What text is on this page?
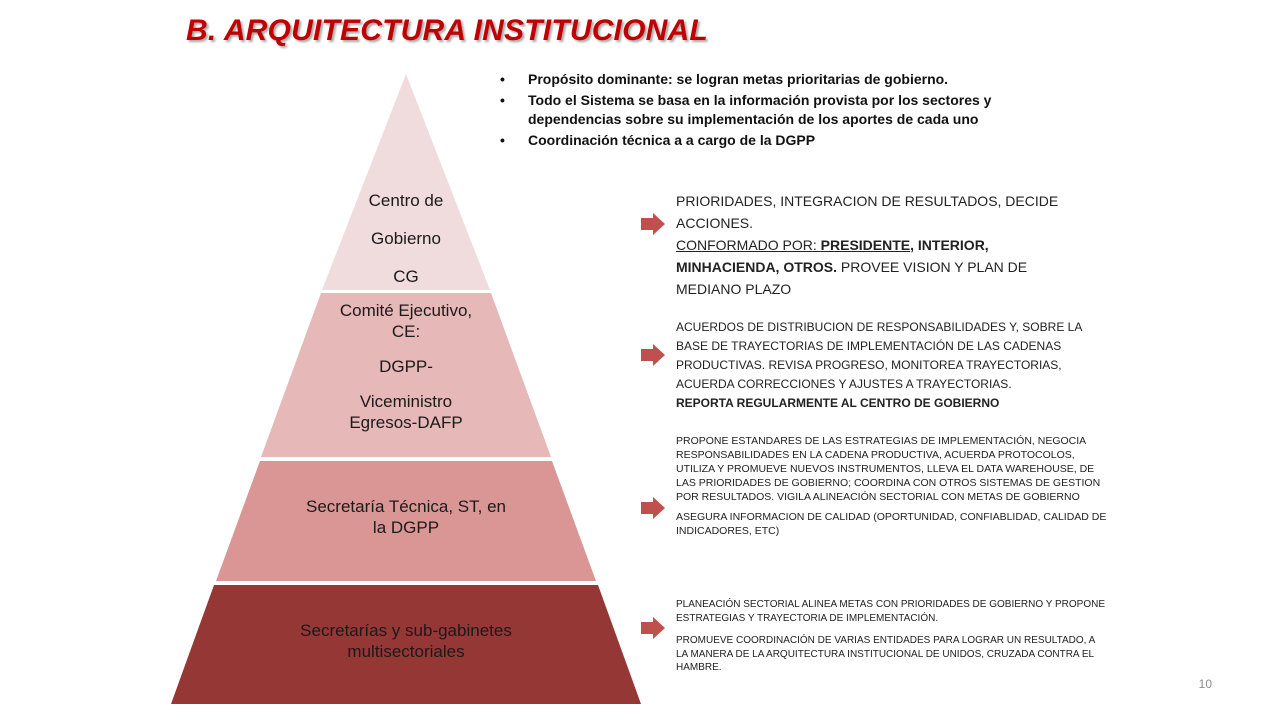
B. ARQUITECTURA INSTITUCIONAL
• Propósito dominante: se logran metas prioritarias de gobierno.
• Todo el Sistema se basa en la información provista por los sectores y dependencias sobre su implementación de los aportes de cada uno
• Coordinación técnica a a cargo de la DGPP
Centro de
Gobierno
CG
Comité Ejecutivo,
CE:
DGPP-
Viceministro
Egresos-DAFP
Secretaría Técnica, ST, en
la DGPP
Secretarías y sub-gabinetes
multisectoriales

PRIORIDADES, INTEGRACION DE RESULTADOS, DECIDE ACCIONES.

CONFORMADO POR: PRESIDENTE, INTERIOR, MINHACIENDA, OTROS. PROVEE VISION Y PLAN DE MEDIANO PLAZO

ACUERDOS DE DISTRIBUCION DE RESPONSABILIDADES Y, SOBRE LA BASE DE TRAYECTORIAS DE IMPLEMENTACIÓN DE LAS CADENAS PRODUCTIVAS. REVISA PROGRESO, MONITOREA TRAYECTORIAS, ACUERDA CORRECCIONES Y AJUSTES A TRAYECTORIAS.

REPORTA REGULARMENTE AL CENTRO DE GOBIERNO

PROPONE ESTANDARES DE LAS ESTRATEGIAS DE IMPLEMENTACIÓN, NEGOCIA RESPONSABILIDADES EN LA CADENA PRODUCTIVA, ACUERDA PROTOCOLOS, UTILIZA Y PROMUEVE NUEVOS INSTRUMENTOS, LLEVA EL DATA WAREHOUSE, DE LAS PRIORIDADES DE GOBIERNO; COORDINA CON OTROS SISTEMAS DE GESTION POR RESULTADOS. VIGILA ALINEACIÓN SECTORIAL CON METAS DE GOBIERNO

ASEGURA INFORMACION DE CALIDAD (OPORTUNIDAD, CONFIABLIDAD, CALIDAD DE INDICADORES, ETC)

PLANEACIÓN SECTORIAL ALINEA METAS CON PRIORIDADES DE GOBIERNO Y PROPONE ESTRATEGIAS Y TRAYECTORIA DE IMPLEMENTACIÓN.

PROMUEVE COORDINACIÓN DE VARIAS ENTIDADES PARA LOGRAR UN RESULTADO, A LA MANERA DE LA ARQUITECTURA INSTITUCIONAL DE UNIDOS, CRUZADA CONTRA EL HAMBRE.

10
